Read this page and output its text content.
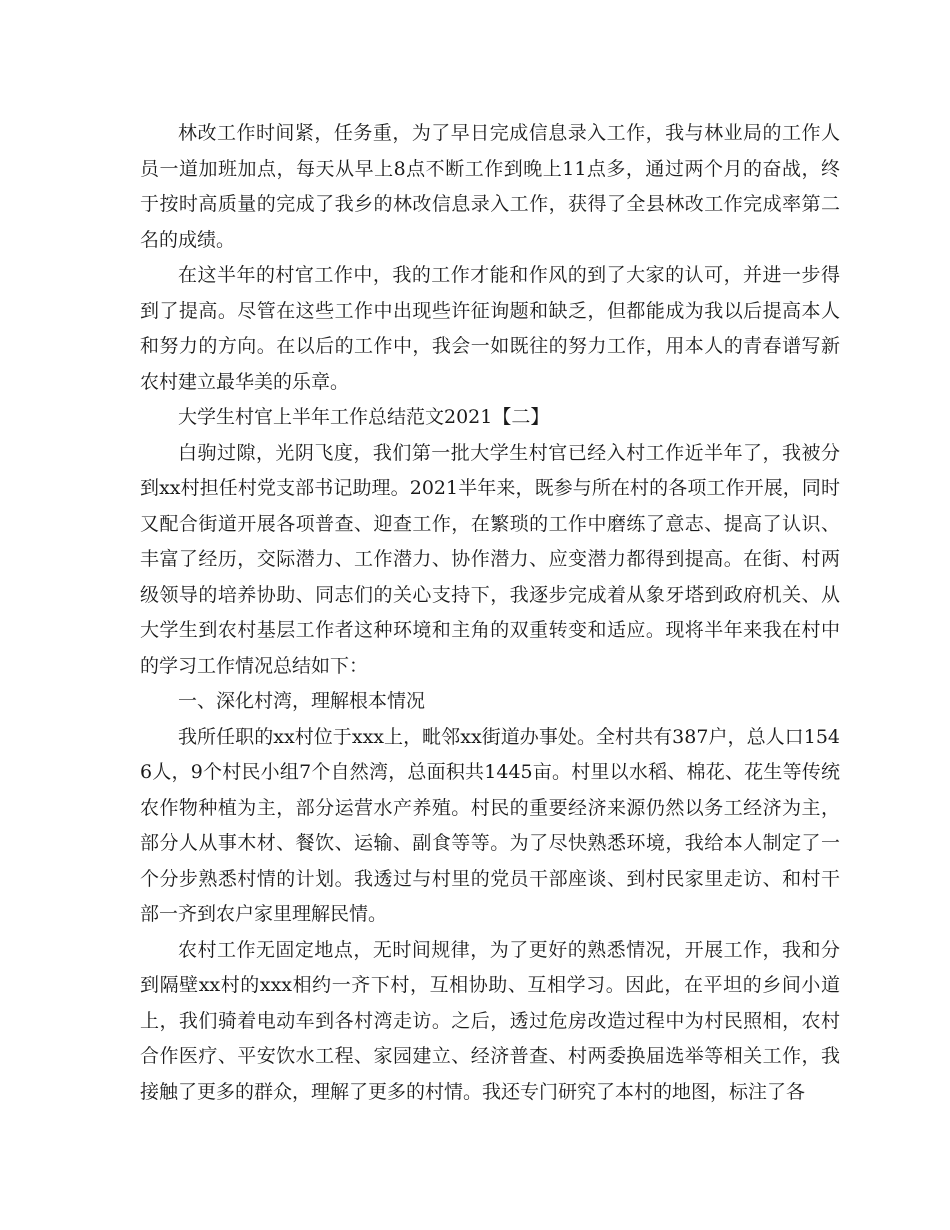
林改工作时间紧，任务重，为了早日完成信息录入工作，我与林业局的工作人员一道加班加点，每天从早上8点不断工作到晚上11点多，通过两个月的奋战，终于按时高质量的完成了我乡的林改信息录入工作，获得了全县林改工作完成率第二名的成绩。

在这半年的村官工作中，我的工作才能和作风的到了大家的认可，并进一步得到了提高。尽管在这些工作中出现些许征询题和缺乏，但都能成为我以后提高本人和努力的方向。在以后的工作中，我会一如既往的努力工作，用本人的青春谱写新农村建立最华美的乐章。

大学生村官上半年工作总结范文2021【二】

白驹过隙，光阴飞度，我们第一批大学生村官已经入村工作近半年了，我被分到xx村担任村党支部书记助理。2021半年来，既参与所在村的各项工作开展，同时又配合街道开展各项普查、迎查工作，在繁琐的工作中磨练了意志、提高了认识、丰富了经历，交际潜力、工作潜力、协作潜力、应变潜力都得到提高。在街、村两级领导的培养协助、同志们的关心支持下，我逐步完成着从象牙塔到政府机关、从大学生到农村基层工作者这种环境和主角的双重转变和适应。现将半年来我在村中的学习工作情况总结如下：

一、深化村湾，理解根本情况

我所任职的xx村位于xxx上，毗邻xx街道办事处。全村共有387户，总人口1546人，9个村民小组7个自然湾，总面积共1445亩。村里以水稻、棉花、花生等传统农作物种植为主，部分运营水产养殖。村民的重要经济来源仍然以务工经济为主，部分人从事木材、餐饮、运输、副食等等。为了尽快熟悉环境，我给本人制定了一个分步熟悉村情的计划。我透过与村里的党员干部座谈、到村民家里走访、和村干部一齐到农户家里理解民情。

农村工作无固定地点，无时间规律，为了更好的熟悉情况，开展工作，我和分到隔壁xx村的xxx相约一齐下村，互相协助、互相学习。因此，在平坦的乡间小道上，我们骑着电动车到各村湾走访。之后，透过危房改造过程中为村民照相，农村合作医疗、平安饮水工程、家园建立、经济普查、村两委换届选举等相关工作，我接触了更多的群众，理解了更多的村情。我还专门研究了本村的地图，标注了各
